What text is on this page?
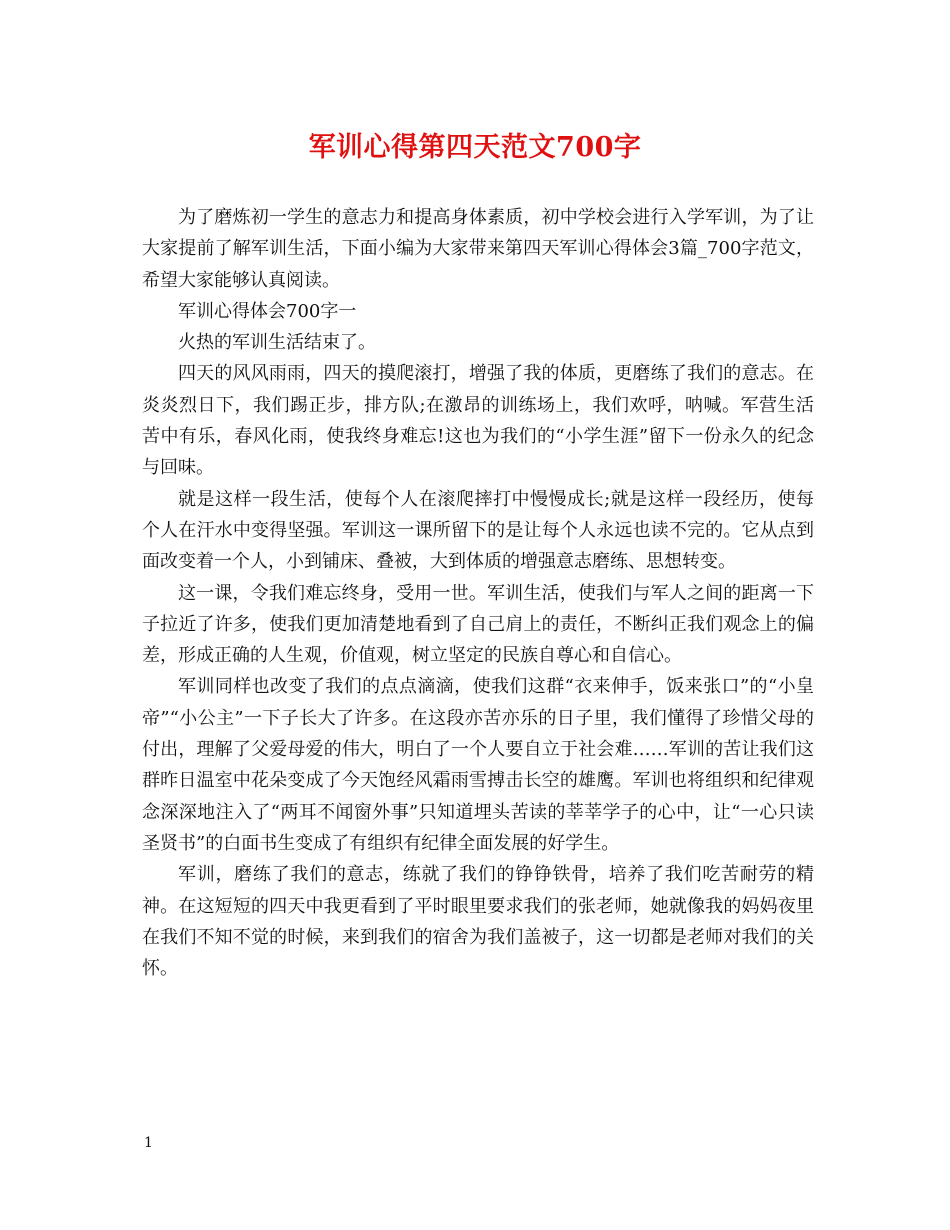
军训心得第四天范文700字

为了磨炼初一学生的意志力和提高身体素质，初中学校会进行入学军训，为了让大家提前了解军训生活，下面小编为大家带来第四天军训心得体会3篇_700字范文，希望大家能够认真阅读。

军训心得体会700字一

火热的军训生活结束了。

四天的风风雨雨，四天的摸爬滚打，增强了我的体质，更磨练了我们的意志。在炎炎烈日下，我们踢正步，排方队;在激昂的训练场上，我们欢呼，呐喊。军营生活苦中有乐，春风化雨，使我终身难忘!这也为我们的“小学生涯”留下一份永久的纪念与回味。

就是这样一段生活，使每个人在滚爬摔打中慢慢成长;就是这样一段经历，使每个人在汗水中变得坚强。军训这一课所留下的是让每个人永远也读不完的。它从点到面改变着一个人，小到铺床、叠被，大到体质的增强意志磨练、思想转变。

这一课，令我们难忘终身，受用一世。军训生活，使我们与军人之间的距离一下子拉近了许多，使我们更加清楚地看到了自己肩上的责任，不断纠正我们观念上的偏差，形成正确的人生观，价值观，树立坚定的民族自尊心和自信心。

军训同样也改变了我们的点点滴滴，使我们这群“衣来伸手，饭来张口”的“小皇帝”“小公主”一下子长大了许多。在这段亦苦亦乐的日子里，我们懂得了珍惜父母的付出，理解了父爱母爱的伟大，明白了一个人要自立于社会难……军训的苦让我们这群昨日温室中花朵变成了今天饱经风霜雨雪搏击长空的雄鹰。军训也将组织和纪律观念深深地注入了“两耳不闻窗外事”只知道埋头苦读的莘莘学子的心中，让“一心只读圣贤书”的白面书生变成了有组织有纪律全面发展的好学生。

军训，磨练了我们的意志，练就了我们的铮铮铁骨，培养了我们吃苦耐劳的精神。在这短短的四天中我更看到了平时眼里要求我们的张老师，她就像我的妈妈夜里在我们不知不觉的时候，来到我们的宿舍为我们盖被子，这一切都是老师对我们的关怀。

1
